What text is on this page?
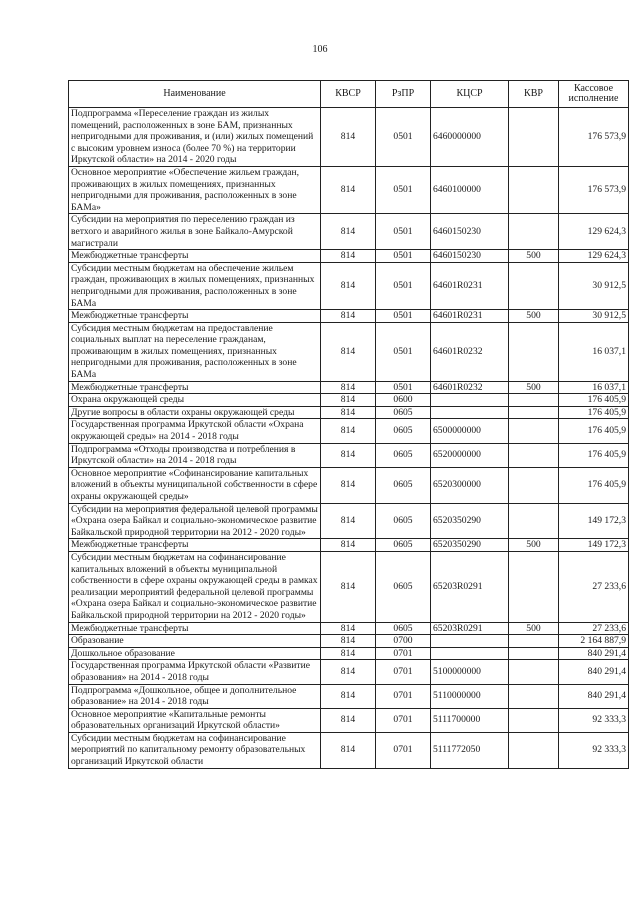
106
Наименование	КВСР	РзПР	КЦСР	КВР	Кассовое исполнение
Подпрограмма «Переселение граждан из жилых помещений, расположенных в зоне БАМ, признанных непригодными для проживания, и (или) жилых помещений с высоким уровнем износа (более 70 %) на территории Иркутской области» на 2014 - 2020 годы	814	0501	6460000000		176 573,9
Основное мероприятие «Обеспечение жильем граждан, проживающих в жилых помещениях, признанных непригодными для проживания, расположенных в зоне БАМа»	814	0501	6460100000		176 573,9
Субсидии на мероприятия по переселению граждан из ветхого и аварийного жилья в зоне Байкало-Амурской магистрали	814	0501	6460150230		129 624,3
Межбюджетные трансферты	814	0501	6460150230	500	129 624,3
Субсидии местным бюджетам на обеспечение жильем граждан, проживающих в жилых помещениях, признанных непригодными для проживания, расположенных в зоне БАМа	814	0501	64601R0231		30 912,5
Межбюджетные трансферты	814	0501	64601R0231	500	30 912,5
Субсидия местным бюджетам на предоставление социальных выплат на переселение гражданам, проживающим в жилых помещениях, признанных непригодными для проживания, расположенных в зоне БАМа	814	0501	64601R0232		16 037,1
Межбюджетные трансферты	814	0501	64601R0232	500	16 037,1
Охрана окружающей среды	814	0600			176 405,9
Другие вопросы в области охраны окружающей среды	814	0605			176 405,9
Государственная программа Иркутской области «Охрана окружающей среды» на 2014 - 2018 годы	814	0605	6500000000		176 405,9
Подпрограмма «Отходы производства и потребления в Иркутской области» на 2014 - 2018 годы	814	0605	6520000000		176 405,9
Основное мероприятие «Софинансирование капитальных вложений в объекты муниципальной собственности в сфере охраны окружающей среды»	814	0605	6520300000		176 405,9
Субсидии на мероприятия федеральной целевой программы «Охрана озера Байкал и социально-экономическое развитие Байкальской природной территории на 2012 - 2020 годы»	814	0605	6520350290		149 172,3
Межбюджетные трансферты	814	0605	6520350290	500	149 172,3
Субсидии местным бюджетам на софинансирование капитальных вложений в объекты муниципальной собственности в сфере охраны окружающей среды в рамках реализации мероприятий федеральной целевой программы «Охрана озера Байкал и социально-экономическое развитие Байкальской природной территории на 2012 - 2020 годы»	814	0605	65203R0291		27 233,6
Межбюджетные трансферты	814	0605	65203R0291	500	27 233,6
Образование	814	0700			2 164 887,9
Дошкольное образование	814	0701			840 291,4
Государственная программа Иркутской области «Развитие образования» на 2014 - 2018 годы	814	0701	5100000000		840 291,4
Подпрограмма «Дошкольное, общее и дополнительное образование» на 2014 - 2018 годы	814	0701	5110000000		840 291,4
Основное мероприятие «Капитальные ремонты образовательных организаций Иркутской области»	814	0701	5111700000		92 333,3
Субсидии местным бюджетам на софинансирование мероприятий по капитальному ремонту образовательных организаций Иркутской области	814	0701	5111772050		92 333,3
